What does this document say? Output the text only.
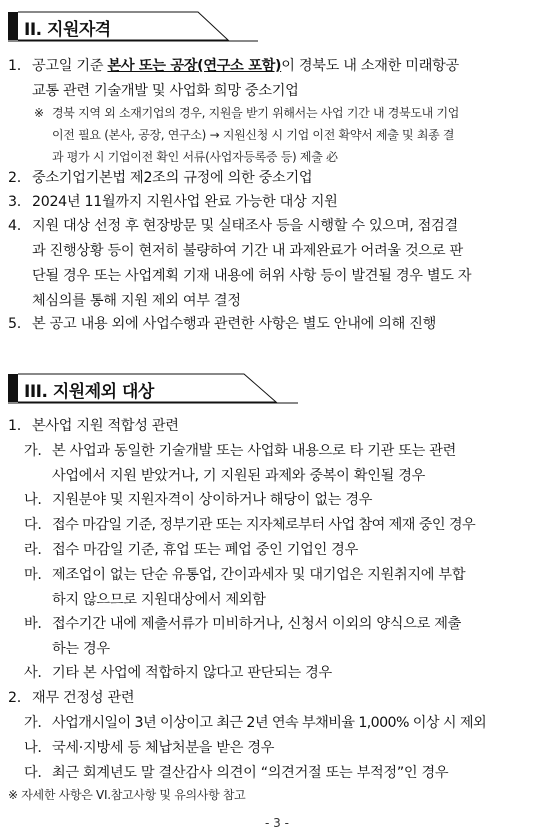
II. 지원자격
1. 공고일 기준 본사 또는 공장(연구소 포함)이 경북도 내 소재한 미래항공
교통 관련 기술개발 및 사업화 희망 중소기업
※ 경북 지역 외 소재기업의 경우, 지원을 받기 위해서는 사업 기간 내 경북도내 기업
이전 필요 (본사, 공장, 연구소) → 지원신청 시 기업 이전 확약서 제출 및 최종 결
과 평가 시 기업이전 확인 서류(사업자등록증 등) 제출 必
2. 중소기업기본법 제2조의 규정에 의한 중소기업
3. 2024년 11월까지 지원사업 완료 가능한 대상 지원
4. 지원 대상 선정 후 현장방문 및 실태조사 등을 시행할 수 있으며, 점검결
과 진행상황 등이 현저히 불량하여 기간 내 과제완료가 어려울 것으로 판
단될 경우 또는 사업계획 기재 내용에 허위 사항 등이 발견될 경우 별도 자
체심의를 통해 지원 제외 여부 결정
5. 본 공고 내용 외에 사업수행과 관련한 사항은 별도 안내에 의해 진행
III. 지원제외 대상
1. 본사업 지원 적합성 관련
가. 본 사업과 동일한 기술개발 또는 사업화 내용으로 타 기관 또는 관련
사업에서 지원 받았거나, 기 지원된 과제와 중복이 확인될 경우
나. 지원분야 및 지원자격이 상이하거나 해당이 없는 경우
다. 접수 마감일 기준, 정부기관 또는 지자체로부터 사업 참여 제재 중인 경우
라. 접수 마감일 기준, 휴업 또는 폐업 중인 기업인 경우
마. 제조업이 없는 단순 유통업, 간이과세자 및 대기업은 지원취지에 부합
하지 않으므로 지원대상에서 제외함
바. 접수기간 내에 제출서류가 미비하거나, 신청서 이외의 양식으로 제출
하는 경우
사. 기타 본 사업에 적합하지 않다고 판단되는 경우
2. 재무 건정성 관련
가. 사업개시일이 3년 이상이고 최근 2년 연속 부채비율 1,000% 이상 시 제외
나. 국세·지방세 등 체납처분을 받은 경우
다. 최근 회계년도 말 결산감사 의견이 “의견거절 또는 부적정”인 경우
※ 자세한 사항은 VI.참고사항 및 유의사항 참고
- 3 -
